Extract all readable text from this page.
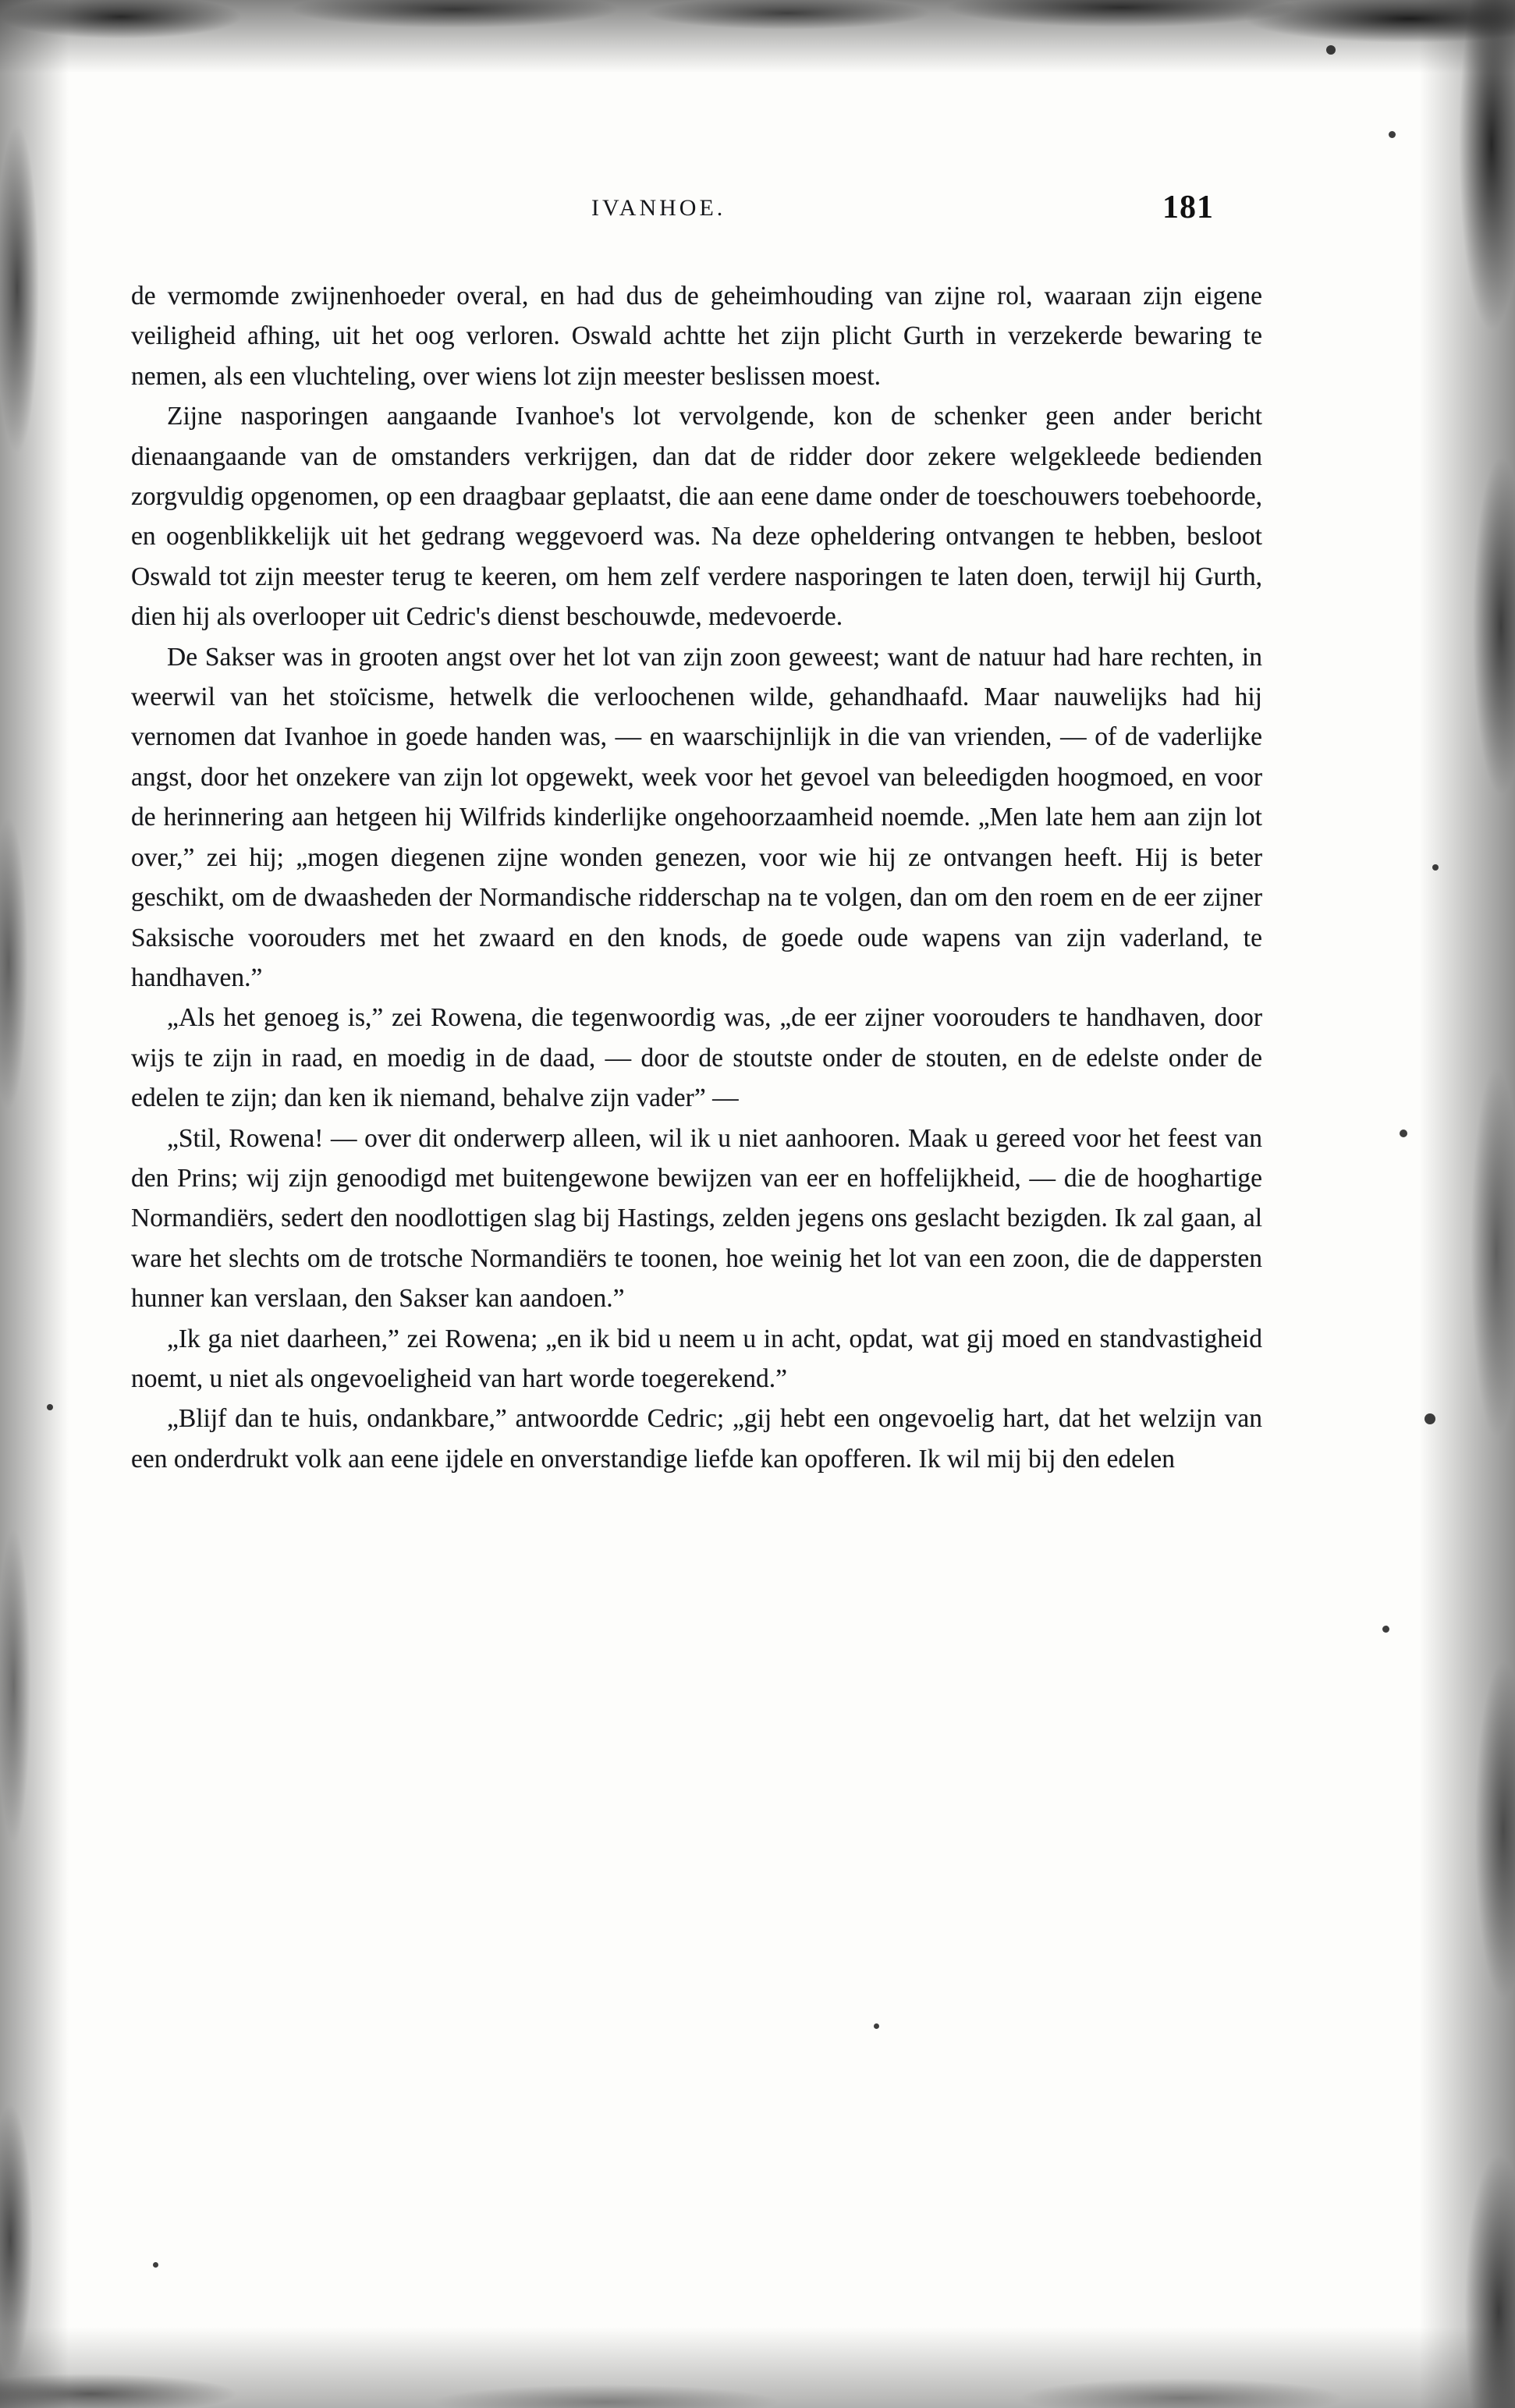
IVANHOE.	181

de vermomde zwijnenhoeder overal, en had dus de geheimhouding van zijne rol, waaraan zijn eigene veiligheid afhing, uit het oog verloren. Oswald achtte het zijn plicht Gurth in verzekerde bewaring te nemen, als een vluchteling, over wiens lot zijn meester beslissen moest.

Zijne nasporingen aangaande Ivanhoe's lot vervolgende, kon de schenker geen ander bericht dienaangaande van de omstanders verkrijgen, dan dat de ridder door zekere welgekleede bedienden zorgvuldig opgenomen, op een draagbaar geplaatst, die aan eene dame onder de toeschouwers toebehoorde, en oogenblikkelijk uit het gedrang weggevoerd was. Na deze opheldering ontvangen te hebben, besloot Oswald tot zijn meester terug te keeren, om hem zelf verdere nasporingen te laten doen, terwijl hij Gurth, dien hij als overlooper uit Cedric's dienst beschouwde, medevoerde.

De Sakser was in grooten angst over het lot van zijn zoon geweest; want de natuur had hare rechten, in weerwil van het stoïcisme, hetwelk die verloochenen wilde, gehandhaafd. Maar nauwelijks had hij vernomen dat Ivanhoe in goede handen was, — en waarschijnlijk in die van vrienden, — of de vaderlijke angst, door het onzekere van zijn lot opgewekt, week voor het gevoel van beleedigden hoogmoed, en voor de herinnering aan hetgeen hij Wilfrids kinderlijke ongehoorzaamheid noemde. „Men late hem aan zijn lot over,” zei hij; „mogen diegenen zijne wonden genezen, voor wie hij ze ontvangen heeft. Hij is beter geschikt, om de dwaasheden der Normandische ridderschap na te volgen, dan om den roem en de eer zijner Saksische voorouders met het zwaard en den knods, de goede oude wapens van zijn vaderland, te handhaven.”

„Als het genoeg is,” zei Rowena, die tegenwoordig was, „de eer zijner voorouders te handhaven, door wijs te zijn in raad, en moedig in de daad, — door de stoutste onder de stouten, en de edelste onder de edelen te zijn; dan ken ik niemand, behalve zijn vader” —

„Stil, Rowena! — over dit onderwerp alleen, wil ik u niet aanhooren. Maak u gereed voor het feest van den Prins; wij zijn genoodigd met buitengewone bewijzen van eer en hoffelijkheid, — die de hooghartige Normandiërs, sedert den noodlottigen slag bij Hastings, zelden jegens ons geslacht bezigden. Ik zal gaan, al ware het slechts om de trotsche Normandiërs te toonen, hoe weinig het lot van een zoon, die de dappersten hunner kan verslaan, den Sakser kan aandoen.”

„Ik ga niet daarheen,” zei Rowena; „en ik bid u neem u in acht, opdat, wat gij moed en standvastigheid noemt, u niet als ongevoeligheid van hart worde toegerekend.”

„Blijf dan te huis, ondankbare,” antwoordde Cedric; „gij hebt een ongevoelig hart, dat het welzijn van een onderdrukt volk aan eene ijdele en onverstandige liefde kan opofferen. Ik wil mij bij den edelen
